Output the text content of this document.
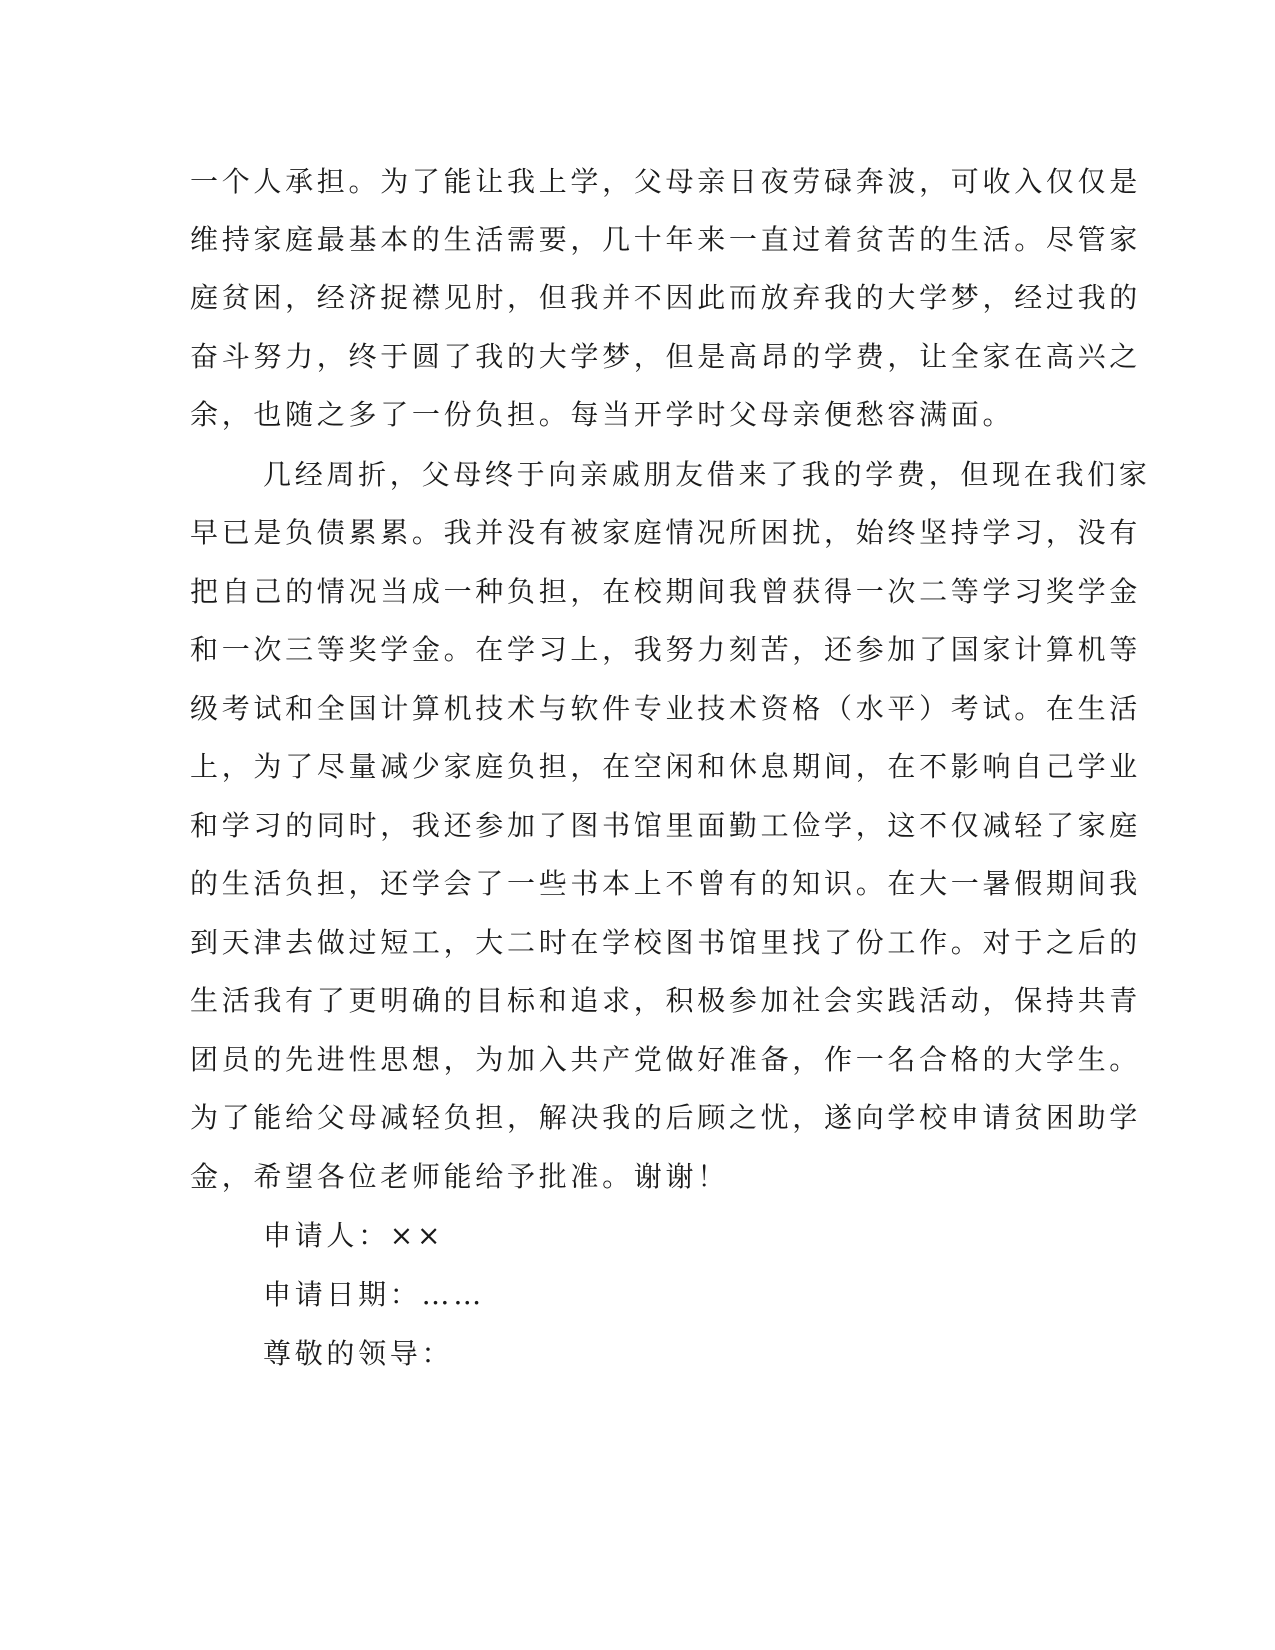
一个人承担。为了能让我上学，父母亲日夜劳碌奔波，可收入仅仅是
维持家庭最基本的生活需要，几十年来一直过着贫苦的生活。尽管家
庭贫困，经济捉襟见肘，但我并不因此而放弃我的大学梦，经过我的
奋斗努力，终于圆了我的大学梦，但是高昂的学费，让全家在高兴之
余，也随之多了一份负担。每当开学时父母亲便愁容满面。
几经周折，父母终于向亲戚朋友借来了我的学费，但现在我们家
早已是负债累累。我并没有被家庭情况所困扰，始终坚持学习，没有
把自己的情况当成一种负担，在校期间我曾获得一次二等学习奖学金
和一次三等奖学金。在学习上，我努力刻苦，还参加了国家计算机等
级考试和全国计算机技术与软件专业技术资格（水平）考试。在生活
上，为了尽量减少家庭负担，在空闲和休息期间，在不影响自己学业
和学习的同时，我还参加了图书馆里面勤工俭学，这不仅减轻了家庭
的生活负担，还学会了一些书本上不曾有的知识。在大一暑假期间我
到天津去做过短工，大二时在学校图书馆里找了份工作。对于之后的
生活我有了更明确的目标和追求，积极参加社会实践活动，保持共青
团员的先进性思想，为加入共产党做好准备，作一名合格的大学生。
为了能给父母减轻负担，解决我的后顾之忧，遂向学校申请贫困助学
金，希望各位老师能给予批准。谢谢！
申请人：××
申请日期：……
尊敬的领导：
